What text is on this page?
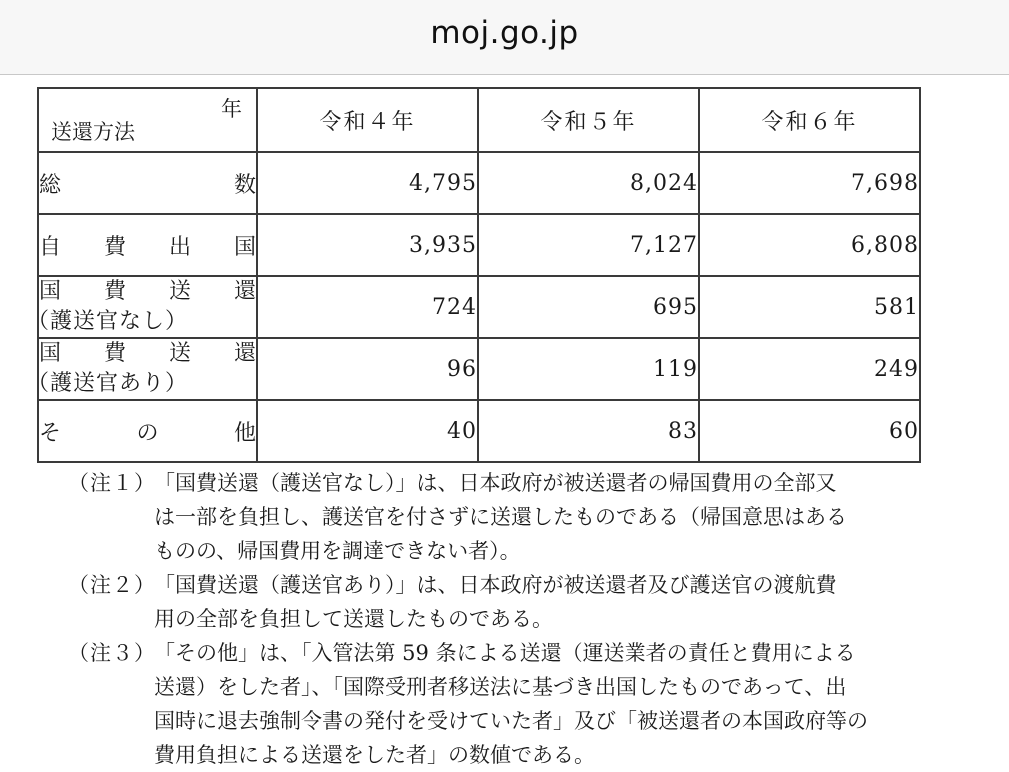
moj.go.jp
年
送還方法	令和４年	令和５年	令和６年

総　　　　数	4,795	8,024	7,698

自　費　出　国	3,935	7,127	6,808

国　費　送　還
（護送官なし）	724	695	581

国　費　送　還
（護送官あり）	96	119	249

そ　　の　　他	40	83	60
（注１）
「国費送還（護送官なし）」は、日本政府が被送還者の帰国費用の全部又
は一部を負担し、護送官を付さずに送還したものである（帰国意思はある
ものの、帰国費用を調達できない者）。
（注２）
「国費送還（護送官あり）」は、日本政府が被送還者及び護送官の渡航費
用の全部を負担して送還したものである。
（注３）
「その他」は、「入管法第 59 条による送還（運送業者の責任と費用による
送還）をした者」、「国際受刑者移送法に基づき出国したものであって、出
国時に退去強制令書の発付を受けていた者」及び「被送還者の本国政府等の
費用負担による送還をした者」の数値である。
